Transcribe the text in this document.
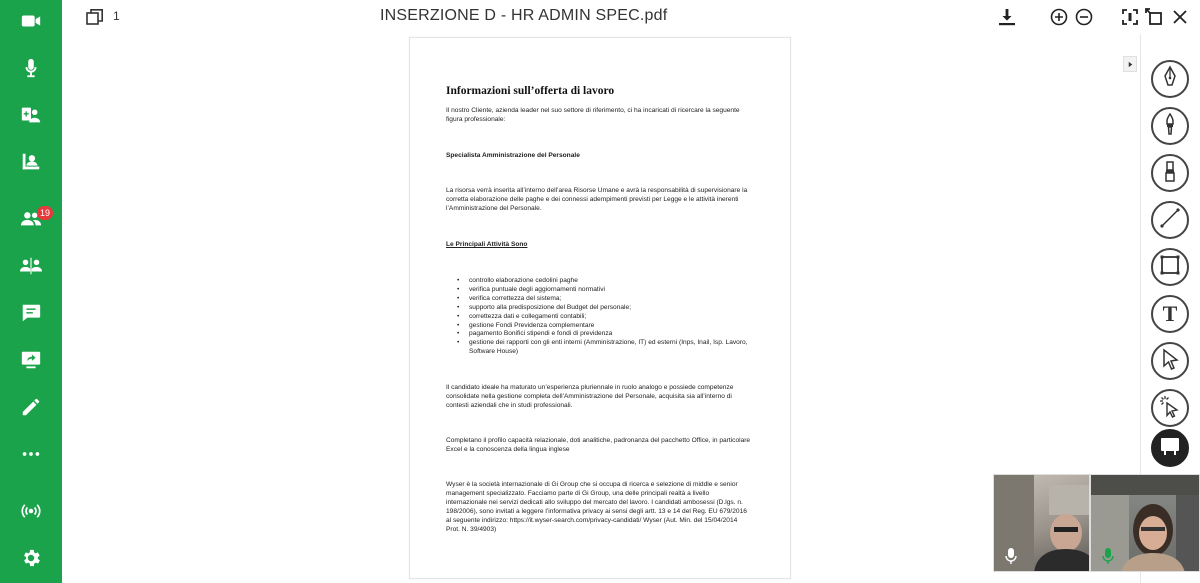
19
1	INSERZIONE D - HR ADMIN SPEC.pdf
Informazioni sull’offerta di lavoro
Il nostro Cliente, azienda leader nel suo settore di riferimento, ci ha incaricati di ricercare la seguente figura professionale:
Specialista Amministrazione del Personale
La risorsa verrà inserita all’interno dell’area Risorse Umane e avrà la responsabilità di supervisionare la corretta elaborazione delle paghe e dei connessi adempimenti previsti per Legge e le attività inerenti l’Amministrazione del Personale.
Le Principali Attività Sono
• controllo elaborazione cedolini paghe
• verifica puntuale degli aggiornamenti normativi
• verifica correttezza del sistema;
• supporto alla predisposizione del Budget del personale;
• correttezza dati e collegamenti contabili;
• gestione Fondi Previdenza complementare
• pagamento Bonifici stipendi e fondi di previdenza
• gestione dei rapporti con gli enti interni (Amministrazione, IT) ed esterni (Inps, Inail, Isp. Lavoro, Software House)
Il candidato ideale ha maturato un’esperienza pluriennale in ruolo analogo e possiede competenze consolidate nella gestione completa dell’Amministrazione del Personale, acquisita sia all’interno di contesti aziendali che in studi professionali.
Completano il profilo capacità relazionale, doti analitiche, padronanza del pacchetto Office, in particolare Excel e la conoscenza della lingua inglese
Wyser è la società internazionale di Gi Group che si occupa di ricerca e selezione di middle e senior management specializzato. Facciamo parte di Gi Group, una delle principali realtà a livello internazionale nei servizi dedicati allo sviluppo del mercato del lavoro. I candidati ambosessi (D.lgs. n. 198/2006), sono invitati a leggere l’informativa privacy ai sensi degli artt. 13 e 14 del Reg. EU 679/2016 al seguente indirizzo: https://it.wyser-search.com/privacy-candidati/ Wyser (Aut. Min. del 15/04/2014 Prot. N. 39/4903)
T
